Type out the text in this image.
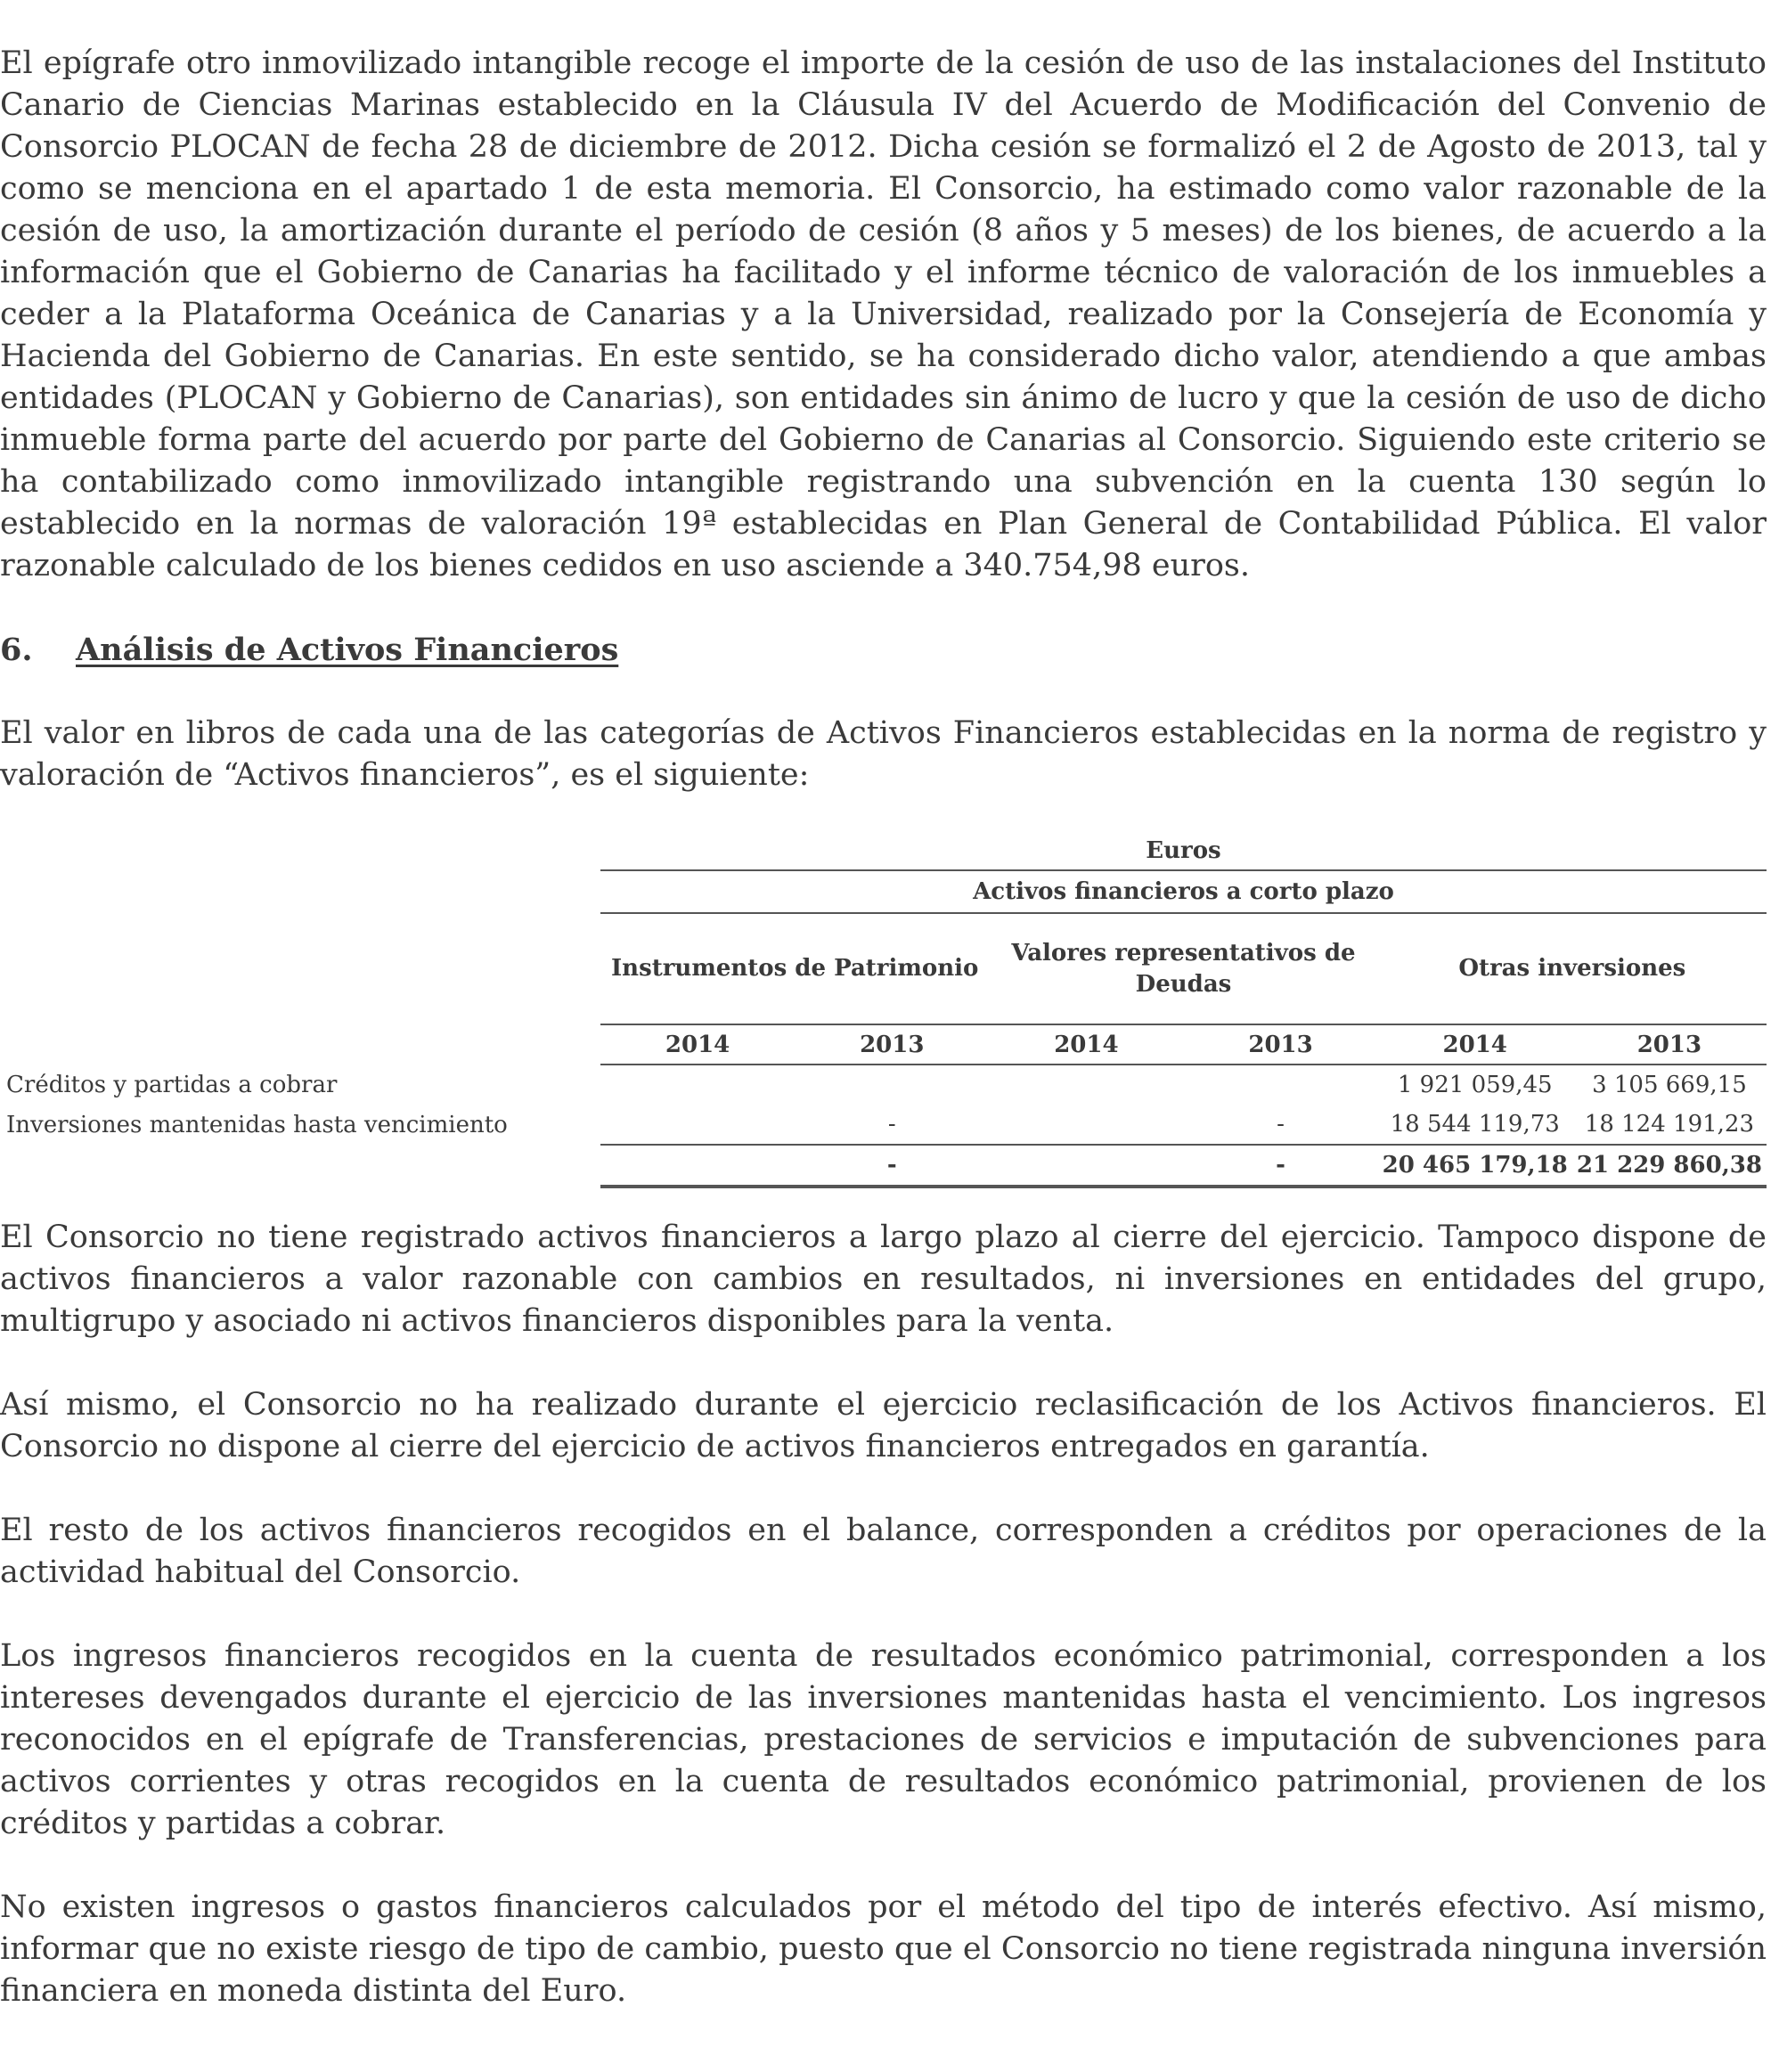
El epígrafe otro inmovilizado intangible recoge el importe de la cesión de uso de las instalaciones del Instituto Canario de Ciencias Marinas establecido en la Cláusula IV del Acuerdo de Modificación del Convenio de Consorcio PLOCAN de fecha 28 de diciembre de 2012. Dicha cesión se formalizó el 2 de Agosto de 2013, tal y como se menciona en el apartado 1 de esta memoria. El Consorcio, ha estimado como valor razonable de la cesión de uso, la amortización durante el período de cesión (8 años y 5 meses) de los bienes, de acuerdo a la información que el Gobierno de Canarias ha facilitado y el informe técnico de valoración de los inmuebles a ceder a la Plataforma Oceánica de Canarias y a la Universidad, realizado por la Consejería de Economía y Hacienda del Gobierno de Canarias. En este sentido, se ha considerado dicho valor, atendiendo a que ambas entidades (PLOCAN y Gobierno de Canarias), son entidades sin ánimo de lucro y que la cesión de uso de dicho inmueble forma parte del acuerdo por parte del Gobierno de Canarias al Consorcio. Siguiendo este criterio se ha contabilizado como inmovilizado intangible registrando una subvención en la cuenta 130 según lo establecido en la normas de valoración 19ª establecidas en Plan General de Contabilidad Pública. El valor razonable calculado de los bienes cedidos en uso asciende a 340.754,98 euros.

6.	Análisis de Activos Financieros

El valor en libros de cada una de las categorías de Activos Financieros establecidas en la norma de registro y valoración de “Activos financieros”, es el siguiente:

	Euros					
	Activos financieros a corto plazo					
	Instrumentos de Patrimonio		Valores representativos de Deudas		Otras inversiones	
	2014	2013	2014	2013	2014	2013
Créditos y partidas a cobrar					1 921 059,45	3 105 669,15
Inversiones mantenidas hasta vencimiento		-		-	18 544 119,73	18 124 191,23
		-		-	20 465 179,18	21 229 860,38

El Consorcio no tiene registrado activos financieros a largo plazo al cierre del ejercicio. Tampoco dispone de activos financieros a valor razonable con cambios en resultados, ni inversiones en entidades del grupo, multigrupo y asociado ni activos financieros disponibles para la venta.

Así mismo, el Consorcio no ha realizado durante el ejercicio reclasificación de los Activos financieros. El Consorcio no dispone al cierre del ejercicio de activos financieros entregados en garantía.

El resto de los activos financieros recogidos en el balance, corresponden a créditos por operaciones de la actividad habitual del Consorcio.

Los ingresos financieros recogidos en la cuenta de resultados económico patrimonial, corresponden a los intereses devengados durante el ejercicio de las inversiones mantenidas hasta el vencimiento. Los ingresos reconocidos en el epígrafe de Transferencias, prestaciones de servicios e imputación de subvenciones para activos corrientes y otras recogidos en la cuenta de resultados económico patrimonial, provienen de los créditos y partidas a cobrar.

No existen ingresos o gastos financieros calculados por el método del tipo de interés efectivo. Así mismo, informar que no existe riesgo de tipo de cambio, puesto que el Consorcio no tiene registrada ninguna inversión financiera en moneda distinta del Euro.
